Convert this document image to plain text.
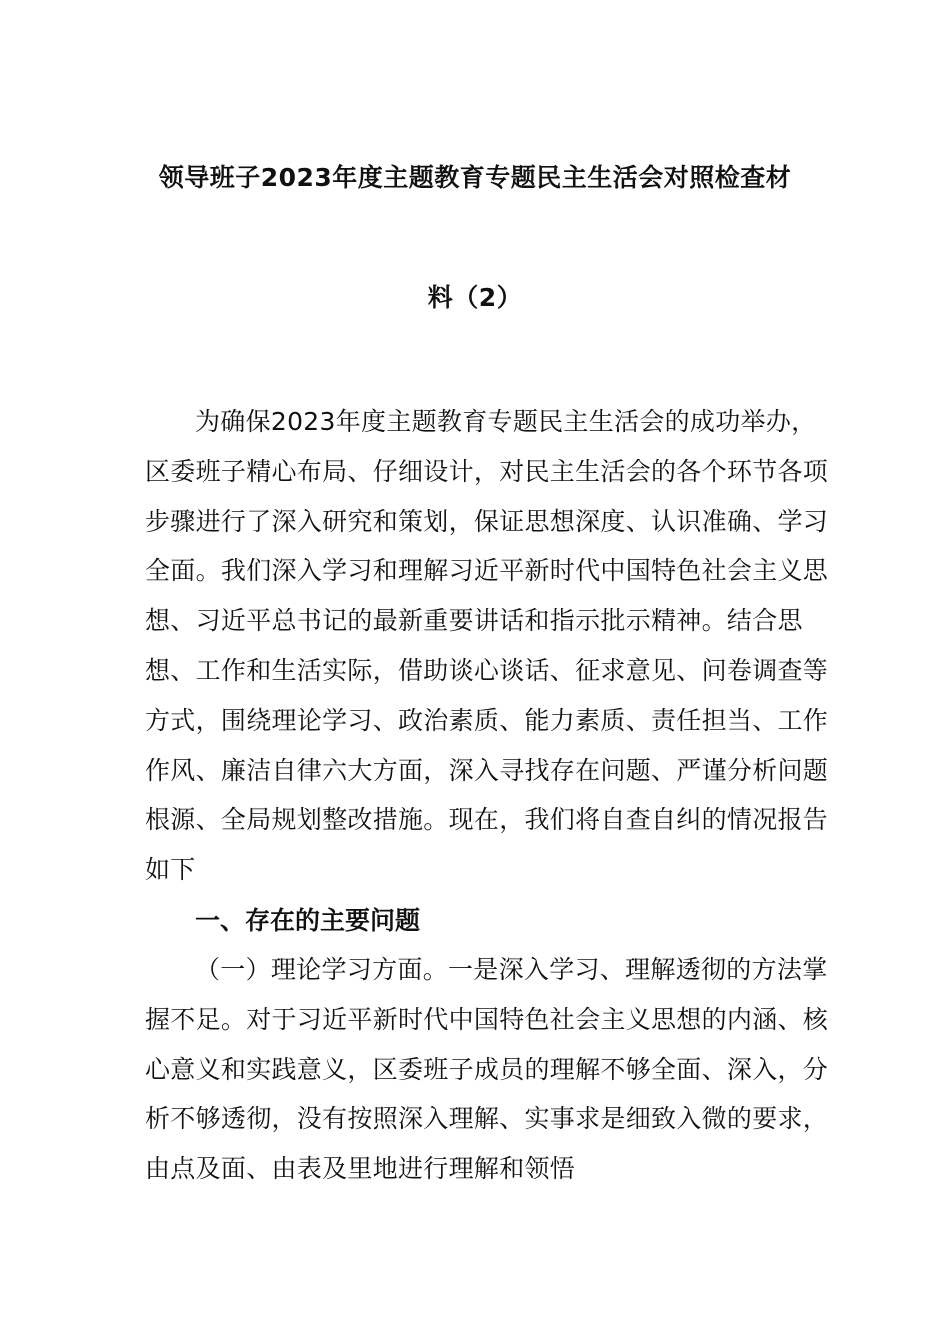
领导班子2023年度主题教育专题民主生活会对照检查材
料（2）
为确保2023年度主题教育专题民主生活会的成功举办，区委班子精心布局、仔细设计，对民主生活会的各个环节各项步骤进行了深入研究和策划，保证思想深度、认识准确、学习全面。我们深入学习和理解习近平新时代中国特色社会主义思想、习近平总书记的最新重要讲话和指示批示精神。结合思想、工作和生活实际，借助谈心谈话、征求意见、问卷调查等方式，围绕理论学习、政治素质、能力素质、责任担当、工作作风、廉洁自律六大方面，深入寻找存在问题、严谨分析问题根源、全局规划整改措施。现在，我们将自查自纠的情况报告如下
一、存在的主要问题
（一）理论学习方面。一是深入学习、理解透彻的方法掌握不足。对于习近平新时代中国特色社会主义思想的内涵、核心意义和实践意义，区委班子成员的理解不够全面、深入，分析不够透彻，没有按照深入理解、实事求是细致入微的要求，由点及面、由表及里地进行理解和领悟
